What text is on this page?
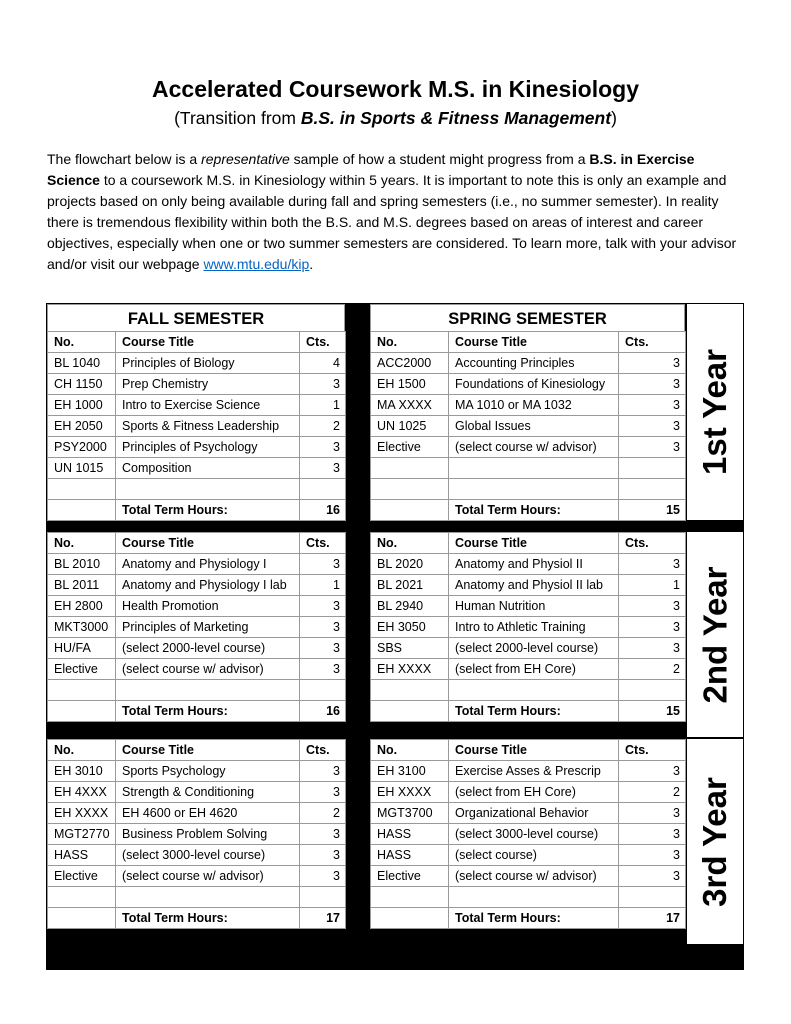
Accelerated Coursework M.S. in Kinesiology
(Transition from B.S. in Sports & Fitness Management)
The flowchart below is a representative sample of how a student might progress from a B.S. in Exercise Science to a coursework M.S. in Kinesiology within 5 years. It is important to note this is only an example and projects based on only being available during fall and spring semesters (i.e., no summer semester). In reality there is tremendous flexibility within both the B.S. and M.S. degrees based on areas of interest and career objectives, especially when one or two summer semesters are considered. To learn more, talk with your advisor and/or visit our webpage www.mtu.edu/kip.
FALL SEMESTER
No.	Course Title	Cts.
BL 1040	Principles of Biology	4
CH 1150	Prep Chemistry	3
EH 1000	Intro to Exercise Science	1
EH 2050	Sports & Fitness Leadership	2
PSY2000	Principles of Psychology	3
UN 1015	Composition	3

	Total Term Hours:	16
SPRING SEMESTER
No.	Course Title	Cts.
ACC2000	Accounting Principles	3
EH 1500	Foundations of Kinesiology	3
MA XXXX	MA 1010 or MA 1032	3
UN 1025	Global Issues	3
Elective	(select course w/ advisor)	3

	Total Term Hours:	15
1st Year
No.	Course Title	Cts.
BL 2010	Anatomy and Physiology I	3
BL 2011	Anatomy and Physiology I lab	1
EH 2800	Health Promotion	3
MKT3000	Principles of Marketing	3
HU/FA	(select 2000-level course)	3
Elective	(select course w/ advisor)	3

	Total Term Hours:	16
No.	Course Title	Cts.
BL 2020	Anatomy and Physiol II	3
BL 2021	Anatomy and Physiol II lab	1
BL 2940	Human Nutrition	3
EH 3050	Intro to Athletic Training	3
SBS	(select 2000-level course)	3
EH XXXX	(select from EH Core)	2

	Total Term Hours:	15
2nd Year
No.	Course Title	Cts.
EH 3010	Sports Psychology	3
EH 4XXX	Strength & Conditioning	3
EH XXXX	EH 4600 or EH 4620	2
MGT2770	Business Problem Solving	3
HASS	(select 3000-level course)	3
Elective	(select course w/ advisor)	3

	Total Term Hours:	17
No.	Course Title	Cts.
EH 3100	Exercise Asses & Prescrip	3
EH XXXX	(select from EH Core)	2
MGT3700	Organizational Behavior	3
HASS	(select 3000-level course)	3
HASS	(select course)	3
Elective	(select course w/ advisor)	3

	Total Term Hours:	17
3rd Year
